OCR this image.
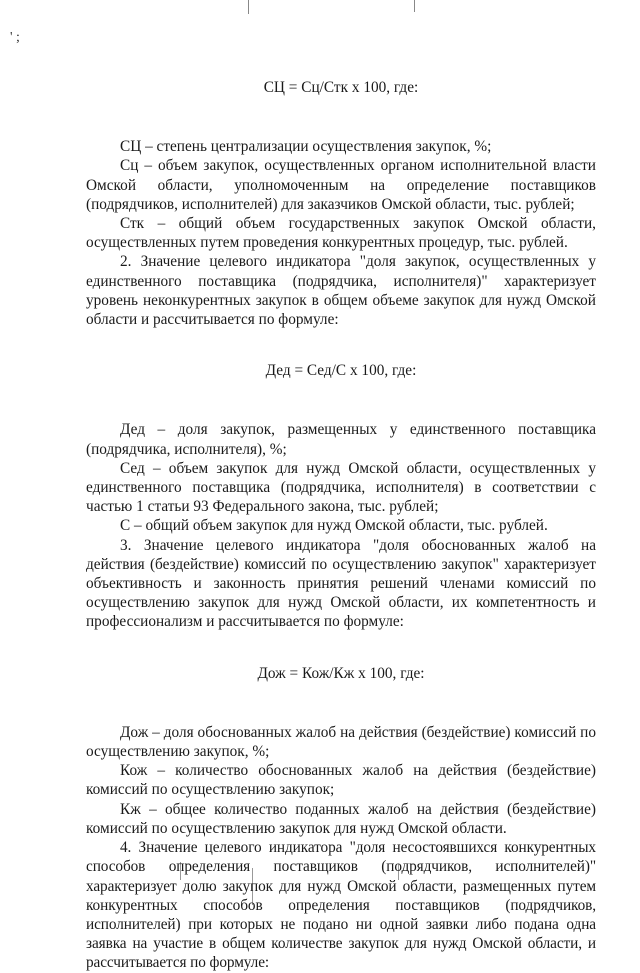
' ;

СЦ = Сц/Стк х 100, где:

СЦ – степень централизации осуществления закупок, %;

Сц – объем закупок, осуществленных органом исполнительной власти Омской области, уполномоченным на определение поставщиков (подрядчиков, исполнителей) для заказчиков Омской области, тыс. рублей;

Стк – общий объем государственных закупок Омской области, осуществленных путем проведения конкурентных процедур, тыс. рублей.

2. Значение целевого индикатора "доля закупок, осуществленных у единственного поставщика (подрядчика, исполнителя)" характеризует уровень неконкурентных закупок в общем объеме закупок для нужд Омской области и рассчитывается по формуле:

Дед = Сед/С х 100, где:

Дед – доля закупок, размещенных у единственного поставщика (подрядчика, исполнителя), %;

Сед – объем закупок для нужд Омской области, осуществленных у единственного поставщика (подрядчика, исполнителя) в соответствии с частью 1 статьи 93 Федерального закона, тыс. рублей;

С – общий объем закупок для нужд Омской области, тыс. рублей.

3. Значение целевого индикатора "доля обоснованных жалоб на действия (бездействие) комиссий по осуществлению закупок" характеризует объективность и законность принятия решений членами комиссий по осуществлению закупок для нужд Омской области, их компетентность и профессионализм и рассчитывается по формуле:

Дож = Кож/Кж х 100, где:

Дож – доля обоснованных жалоб на действия (бездействие) комиссий по осуществлению закупок, %;

Кож – количество обоснованных жалоб на действия (бездействие) комиссий по осуществлению закупок;

Кж – общее количество поданных жалоб на действия (бездействие) комиссий по осуществлению закупок для нужд Омской области.

4. Значение целевого индикатора "доля несостоявшихся конкурентных способов определения поставщиков (подрядчиков, исполнителей)" характеризует долю закупок для нужд Омской области, размещенных путем конкурентных способов определения поставщиков (подрядчиков, исполнителей) при которых не подано ни одной заявки либо подана одна заявка на участие в общем количестве закупок для нужд Омской области, и рассчитывается по формуле:
